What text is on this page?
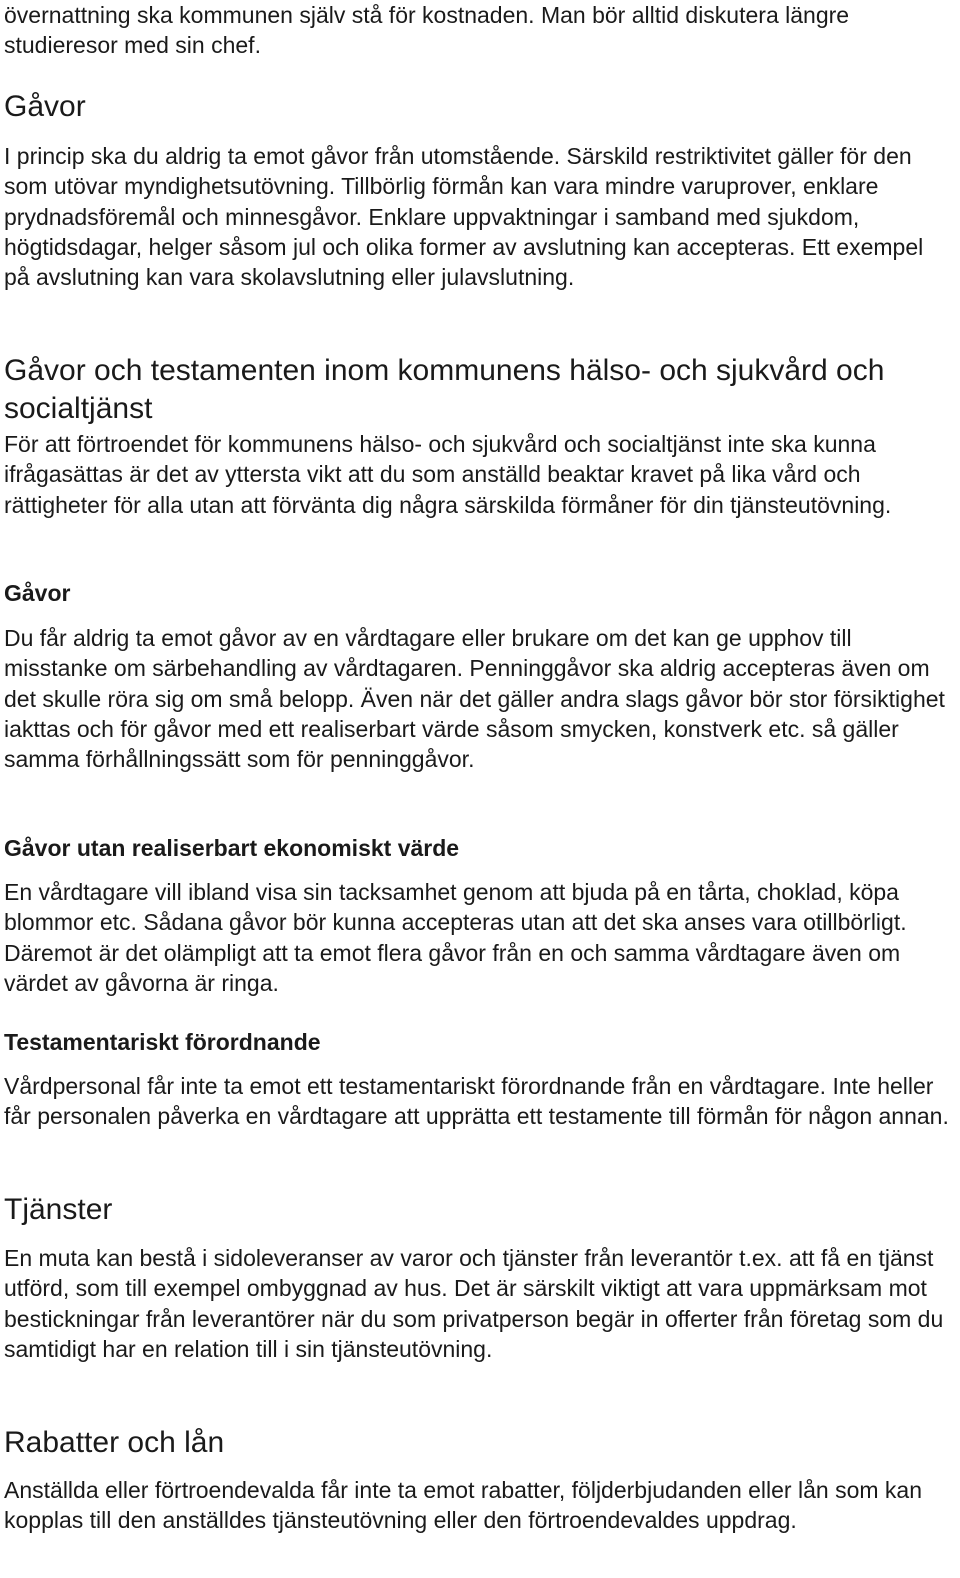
övernattning ska kommunen själv stå för kostnaden. Man bör alltid diskutera längre studieresor med sin chef.

Gåvor

I princip ska du aldrig ta emot gåvor från utomstående. Särskild restriktivitet gäller för den som utövar myndighetsutövning. Tillbörlig förmån kan vara mindre varuprover, enklare prydnadsföremål och minnesgåvor. Enklare uppvaktningar i samband med sjukdom, högtidsdagar, helger såsom jul och olika former av avslutning kan accepteras. Ett exempel på avslutning kan vara skolavslutning eller julavslutning.

Gåvor och testamenten inom kommunens hälso- och sjukvård och socialtjänst

För att förtroendet för kommunens hälso- och sjukvård och socialtjänst inte ska kunna ifrågasättas är det av yttersta vikt att du som anställd beaktar kravet på lika vård och rättigheter för alla utan att förvänta dig några särskilda förmåner för din tjänsteutövning.

Gåvor

Du får aldrig ta emot gåvor av en vårdtagare eller brukare om det kan ge upphov till misstanke om särbehandling av vårdtagaren. Penninggåvor ska aldrig accepteras även om det skulle röra sig om små belopp. Även när det gäller andra slags gåvor bör stor försiktighet iakttas och för gåvor med ett realiserbart värde såsom smycken, konstverk etc. så gäller samma förhållningssätt som för penninggåvor.

Gåvor utan realiserbart ekonomiskt värde

En vårdtagare vill ibland visa sin tacksamhet genom att bjuda på en tårta, choklad, köpa blommor etc. Sådana gåvor bör kunna accepteras utan att det ska anses vara otillbörligt. Däremot är det olämpligt att ta emot flera gåvor från en och samma vårdtagare även om värdet av gåvorna är ringa.

Testamentariskt förordnande

Vårdpersonal får inte ta emot ett testamentariskt förordnande från en vårdtagare. Inte heller får personalen påverka en vårdtagare att upprätta ett testamente till förmån för någon annan.

Tjänster

En muta kan bestå i sidoleveranser av varor och tjänster från leverantör t.ex. att få en tjänst utförd, som till exempel ombyggnad av hus. Det är särskilt viktigt att vara uppmärksam mot bestickningar från leverantörer när du som privatperson begär in offerter från företag som du samtidigt har en relation till i sin tjänsteutövning.

Rabatter och lån

Anställda eller förtroendevalda får inte ta emot rabatter, följderbjudanden eller lån som kan kopplas till den anställdes tjänsteutövning eller den förtroendevaldes uppdrag.
